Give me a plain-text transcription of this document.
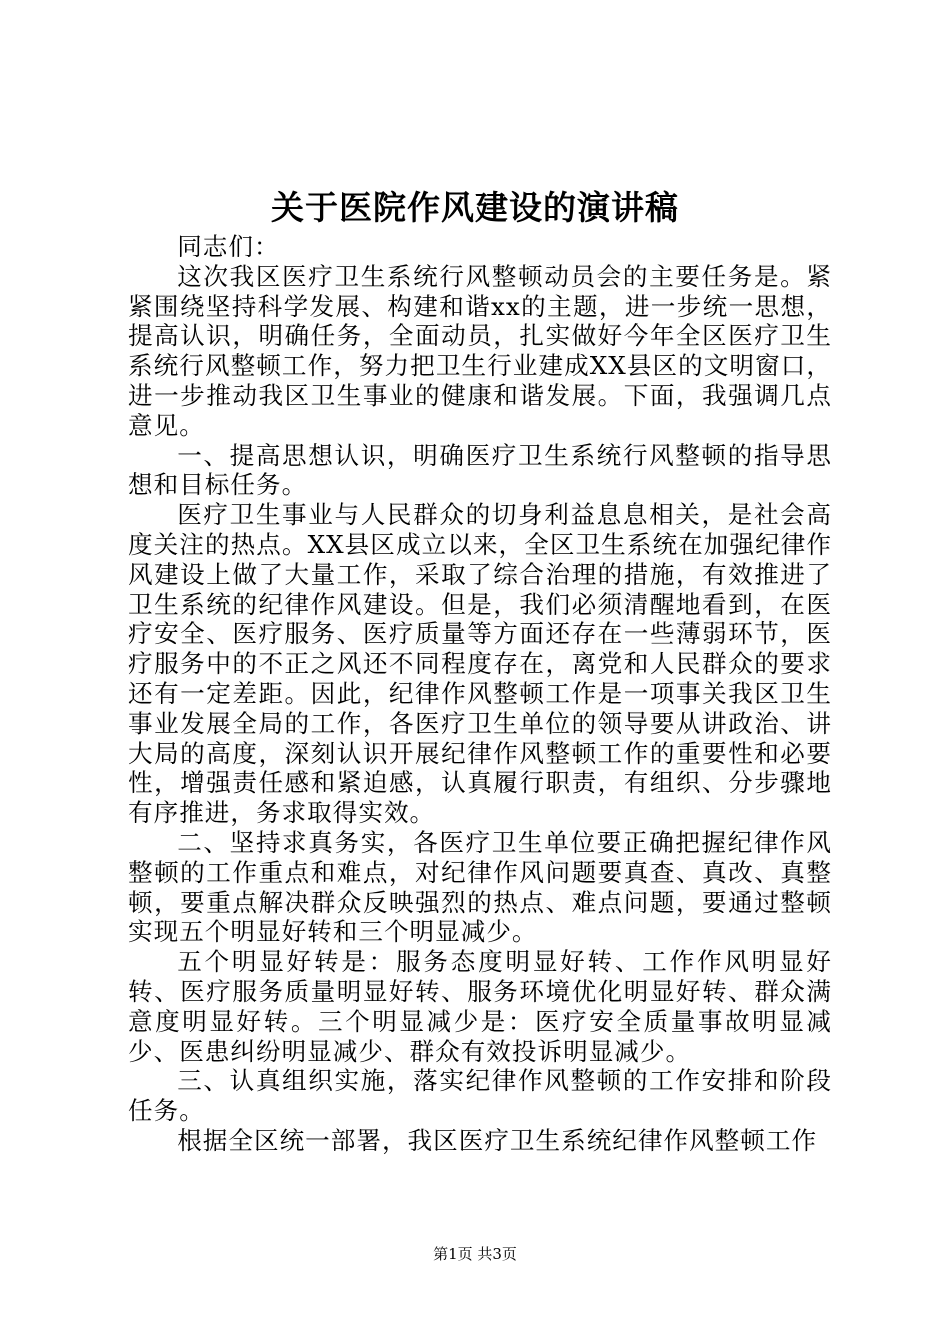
关于医院作风建设的演讲稿

同志们：

这次我区医疗卫生系统行风整顿动员会的主要任务是。紧紧围绕坚持科学发展、构建和谐xx的主题，进一步统一思想，提高认识，明确任务，全面动员，扎实做好今年全区医疗卫生系统行风整顿工作，努力把卫生行业建成XX县区的文明窗口，进一步推动我区卫生事业的健康和谐发展。下面，我强调几点意见。

一、提高思想认识，明确医疗卫生系统行风整顿的指导思想和目标任务。

医疗卫生事业与人民群众的切身利益息息相关，是社会高度关注的热点。XX县区成立以来，全区卫生系统在加强纪律作风建设上做了大量工作，采取了综合治理的措施，有效推进了卫生系统的纪律作风建设。但是，我们必须清醒地看到，在医疗安全、医疗服务、医疗质量等方面还存在一些薄弱环节，医疗服务中的不正之风还不同程度存在，离党和人民群众的要求还有一定差距。因此，纪律作风整顿工作是一项事关我区卫生事业发展全局的工作，各医疗卫生单位的领导要从讲政治、讲大局的高度，深刻认识开展纪律作风整顿工作的重要性和必要性，增强责任感和紧迫感，认真履行职责，有组织、分步骤地有序推进，务求取得实效。

二、坚持求真务实，各医疗卫生单位要正确把握纪律作风整顿的工作重点和难点，对纪律作风问题要真查、真改、真整顿，要重点解决群众反映强烈的热点、难点问题，要通过整顿实现五个明显好转和三个明显减少。

五个明显好转是：服务态度明显好转、工作作风明显好转、医疗服务质量明显好转、服务环境优化明显好转、群众满意度明显好转。三个明显减少是：医疗安全质量事故明显减少、医患纠纷明显减少、群众有效投诉明显减少。

三、认真组织实施，落实纪律作风整顿的工作安排和阶段任务。

根据全区统一部署，我区医疗卫生系统纪律作风整顿工作

第1页 共3页
